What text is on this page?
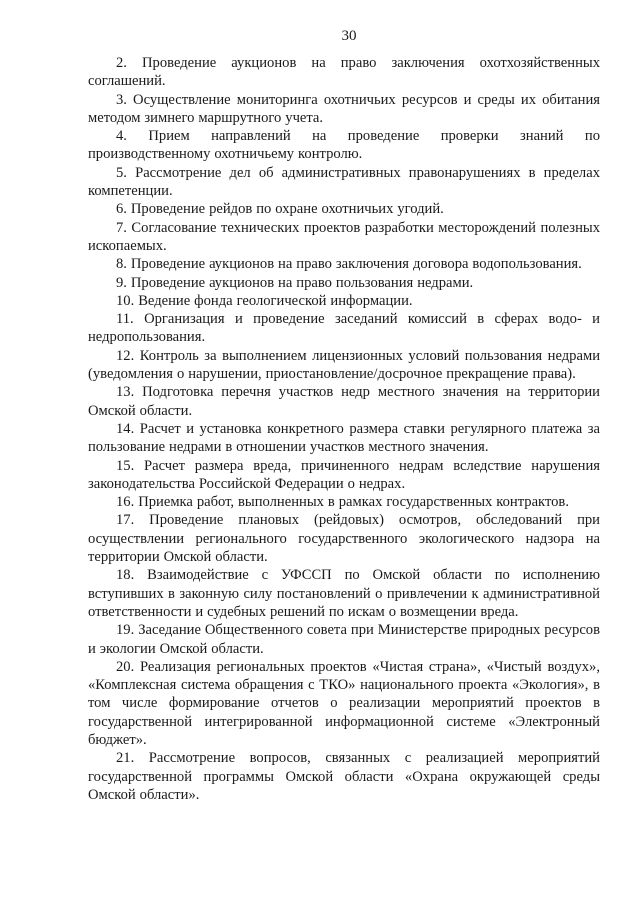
30

2. Проведение аукционов на право заключения охотхозяйственных соглашений.

3. Осуществление мониторинга охотничьих ресурсов и среды их обитания методом зимнего маршрутного учета.

4. Прием направлений на проведение проверки знаний по производственному охотничьему контролю.

5. Рассмотрение дел об административных правонарушениях в пределах компетенции.

6. Проведение рейдов по охране охотничьих угодий.

7. Согласование технических проектов разработки месторождений полезных ископаемых.

8. Проведение аукционов на право заключения договора водопользования.

9. Проведение аукционов на право пользования недрами.

10. Ведение фонда геологической информации.

11. Организация и проведение заседаний комиссий в сферах водо- и недропользования.

12. Контроль за выполнением лицензионных условий пользования недрами (уведомления о нарушении, приостановление/досрочное прекращение права).

13. Подготовка перечня участков недр местного значения на территории Омской области.

14. Расчет и установка конкретного размера ставки регулярного платежа за пользование недрами в отношении участков местного значения.

15. Расчет размера вреда, причиненного недрам вследствие нарушения законодательства Российской Федерации о недрах.

16. Приемка работ, выполненных в рамках государственных контрактов.

17. Проведение плановых (рейдовых) осмотров, обследований при осуществлении регионального государственного экологического надзора на территории Омской области.

18. Взаимодействие с УФССП по Омской области по исполнению вступивших в законную силу постановлений о привлечении к административной ответственности и судебных решений по искам о возмещении вреда.

19. Заседание Общественного совета при Министерстве природных ресурсов и экологии Омской области.

20. Реализация региональных проектов «Чистая страна», «Чистый воздух», «Комплексная система обращения с ТКО» национального проекта «Экология», в том числе формирование отчетов о реализации мероприятий проектов в государственной интегрированной информационной системе «Электронный бюджет».

21. Рассмотрение вопросов, связанных с реализацией мероприятий государственной программы Омской области «Охрана окружающей среды Омской области».
